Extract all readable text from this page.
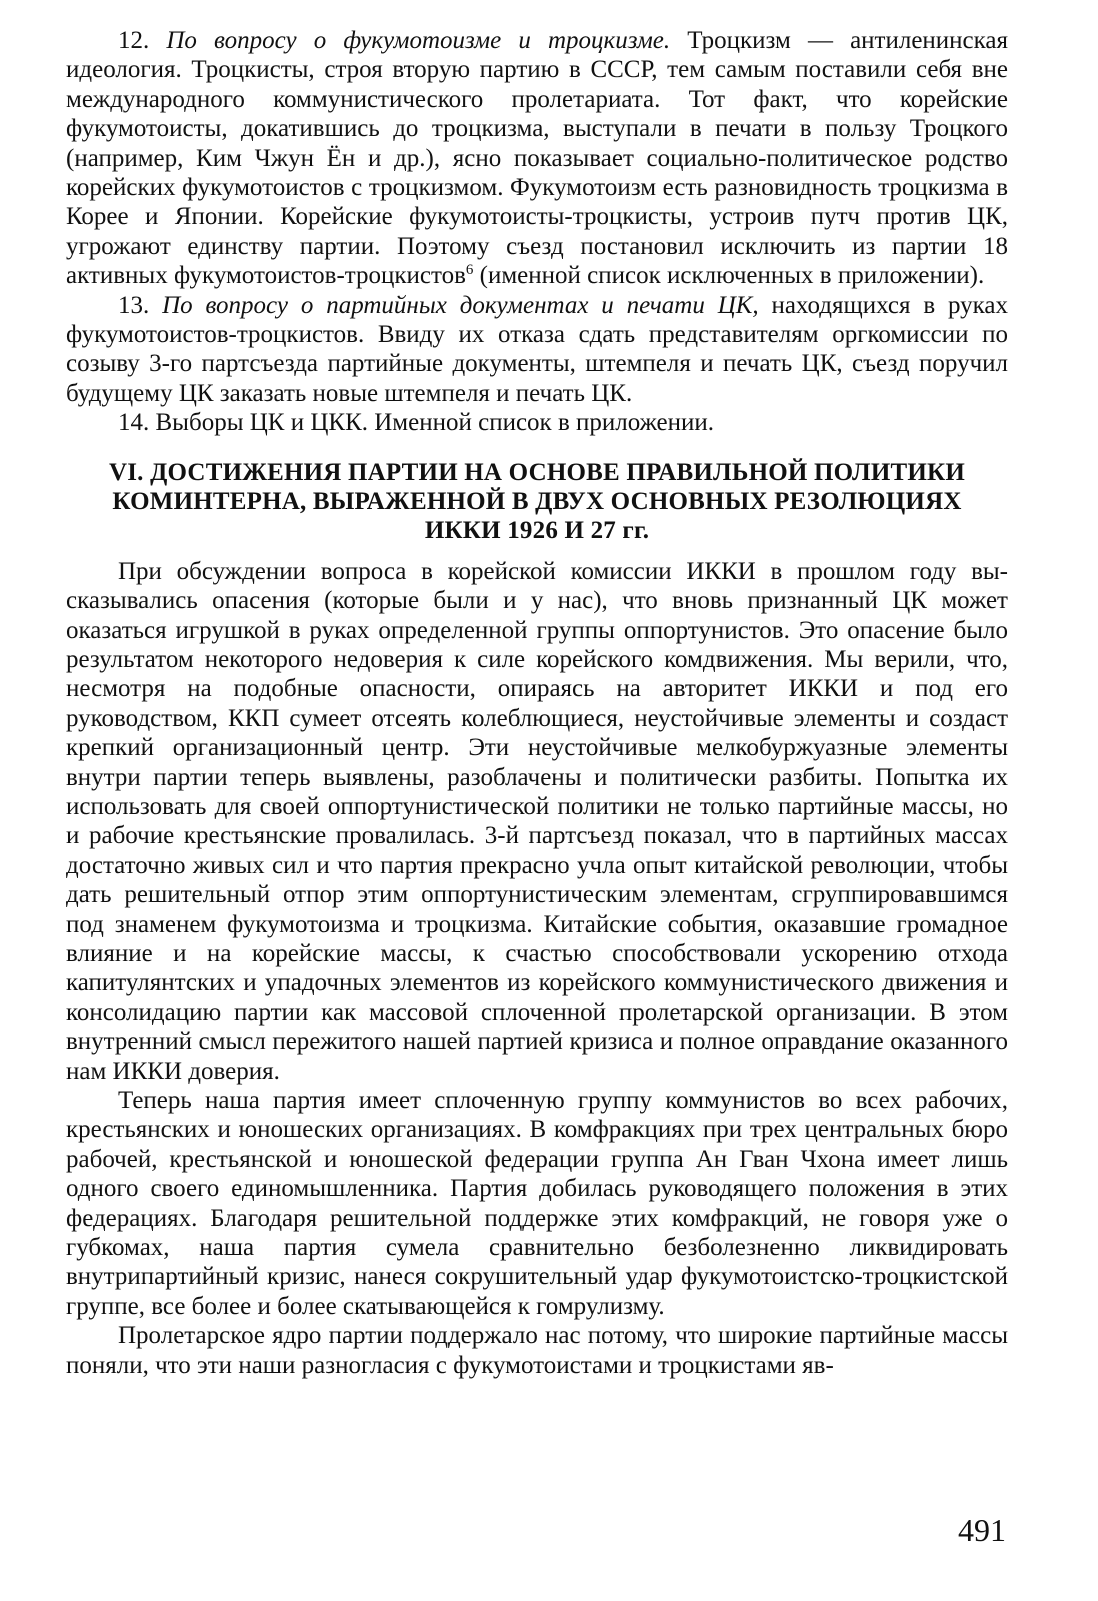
12. По вопросу о фукумотоизме и троцкизме. Троцкизм — антиленинская идеология. Троцкисты, строя вторую партию в СССР, тем самым поставили себя вне международного коммунистического пролетариата. Тот факт, что корейские фукумотоисты, докатившись до троцкизма, выступали в печати в пользу Троцкого (например, Ким Чжун Ён и др.), ясно показывает социально-политическое родство корейских фукумотоистов с троцкизмом. Фукумотоизм есть разновидность троцкизма в Корее и Японии. Корейские фукумотоисты-троцкисты, устроив путч против ЦК, угрожают единству партии. Поэтому съезд постановил исключить из партии 18 активных фукумотоистов-троцкистов$^6$ (именной список исключенных в приложении).

13. По вопросу о партийных документах и печати ЦК, находящихся в руках фукумотоистов-троцкистов. Ввиду их отказа сдать представителям оргкомиссии по созыву 3-го партсъезда партийные документы, штемпеля и печать ЦК, съезд поручил будущему ЦК заказать новые штемпеля и печать ЦК.

14. Выборы ЦК и ЦКК. Именной список в приложении.

VI. ДОСТИЖЕНИЯ ПАРТИИ НА ОСНОВЕ ПРАВИЛЬНОЙ ПОЛИТИКИ
КОМИНТЕРНА, ВЫРАЖЕННОЙ В ДВУХ ОСНОВНЫХ РЕЗОЛЮЦИЯХ
ИККИ 1926 И 27 гг.

При обсуждении вопроса в корейской комиссии ИККИ в прошлом году высказывались опасения (которые были и у нас), что вновь признанный ЦК может оказаться игрушкой в руках определенной группы оппортунистов. Это опасение было результатом некоторого недоверия к силе корейского комдвижения. Мы верили, что, несмотря на подобные опасности, опираясь на авторитет ИККИ и под его руководством, ККП сумеет отсеять колеблющиеся, неустойчивые элементы и создаст крепкий организационный центр. Эти неустойчивые мелкобуржуазные элементы внутри партии теперь выявлены, разоблачены и политически разбиты. Попытка их использовать для своей оппортунистической политики не только партийные массы, но и рабочие крестьянские провалилась. 3-й партсъезд показал, что в партийных массах достаточно живых сил и что партия прекрасно учла опыт китайской революции, чтобы дать решительный отпор этим оппортунистическим элементам, сгруппировавшимся под знаменем фукумотоизма и троцкизма. Китайские события, оказавшие громадное влияние и на корейские массы, к счастью способствовали ускорению отхода капитулянтских и упадочных элементов из корейского коммунистического движения и консолидацию партии как массовой сплоченной пролетарской организации. В этом внутренний смысл пережитого нашей партией кризиса и полное оправдание оказанного нам ИККИ доверия.

Теперь наша партия имеет сплоченную группу коммунистов во всех рабочих, крестьянских и юношеских организациях. В комфракциях при трех центральных бюро рабочей, крестьянской и юношеской федерации группа Ан Гван Чхона имеет лишь одного своего единомышленника. Партия добилась руководящего положения в этих федерациях. Благодаря решительной поддержке этих комфракций, не говоря уже о губкомах, наша партия сумела сравнительно безболезненно ликвидировать внутрипартийный кризис, нанеся сокрушительный удар фукумотоистско-троцкистской группе, все более и более скатывающейся к гомрулизму.

Пролетарское ядро партии поддержало нас потому, что широкие партийные массы поняли, что эти наши разногласия с фукумотоистами и троцкистами яв-

491
